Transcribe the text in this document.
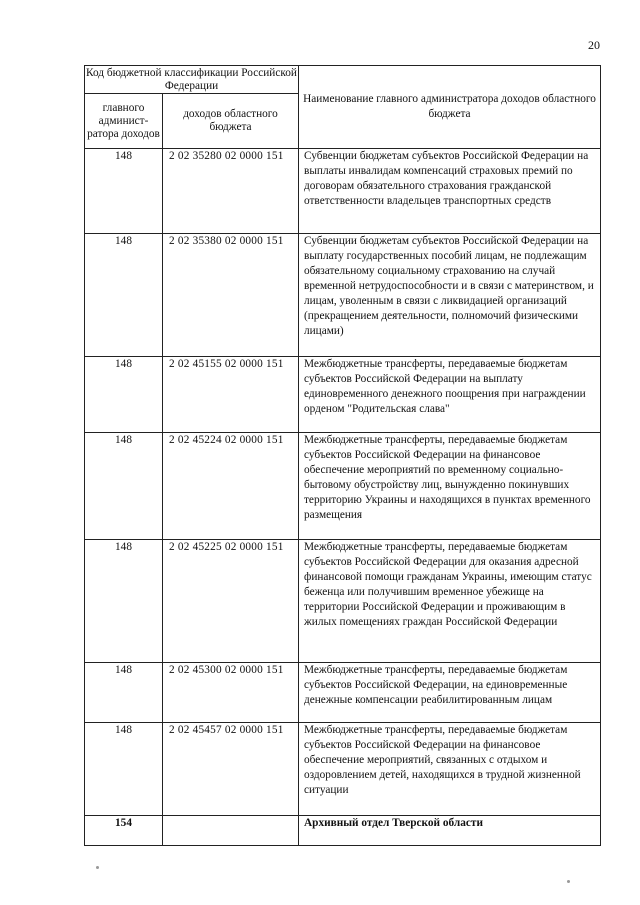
20
Код бюджетной классификации Российской Федерации		Наименование главного администратора доходов областного бюджета
главного админист-ратора доходов	доходов областного бюджета	
148	2 02 35280 02 0000 151	Субвенции бюджетам субъектов Российской Федерации на выплаты инвалидам компенсаций страховых премий по договорам обязательного страхования гражданской ответственности владельцев транспортных средств
148	2 02 35380 02 0000 151	Субвенции бюджетам субъектов Российской Федерации на выплату государственных пособий лицам, не подлежащим обязательному социальному страхованию на случай временной нетрудоспособности и в связи с материнством, и лицам, уволенным в связи с ликвидацией организаций (прекращением деятельности, полномочий физическими лицами)
148	2 02 45155 02 0000 151	Межбюджетные трансферты, передаваемые бюджетам субъектов Российской Федерации на выплату единовременного денежного поощрения при награждении орденом "Родительская слава"
148	2 02 45224 02 0000 151	Межбюджетные трансферты, передаваемые бюджетам субъектов Российской Федерации на финансовое обеспечение мероприятий по временному социально-бытовому обустройству лиц, вынужденно покинувших территорию Украины и находящихся в пунктах временного размещения
148	2 02 45225 02 0000 151	Межбюджетные трансферты, передаваемые бюджетам субъектов Российской Федерации для оказания адресной финансовой помощи гражданам Украины, имеющим статус беженца или получившим временное убежище на территории Российской Федерации и проживающим в жилых помещениях граждан Российской Федерации
148	2 02 45300 02 0000 151	Межбюджетные трансферты, передаваемые бюджетам субъектов Российской Федерации, на единовременные денежные компенсации реабилитированным лицам
148	2 02 45457 02 0000 151	Межбюджетные трансферты, передаваемые бюджетам субъектов Российской Федерации на финансовое обеспечение мероприятий, связанных с отдыхом и оздоровлением детей, находящихся в трудной жизненной ситуации
154		Архивный отдел Тверской области
